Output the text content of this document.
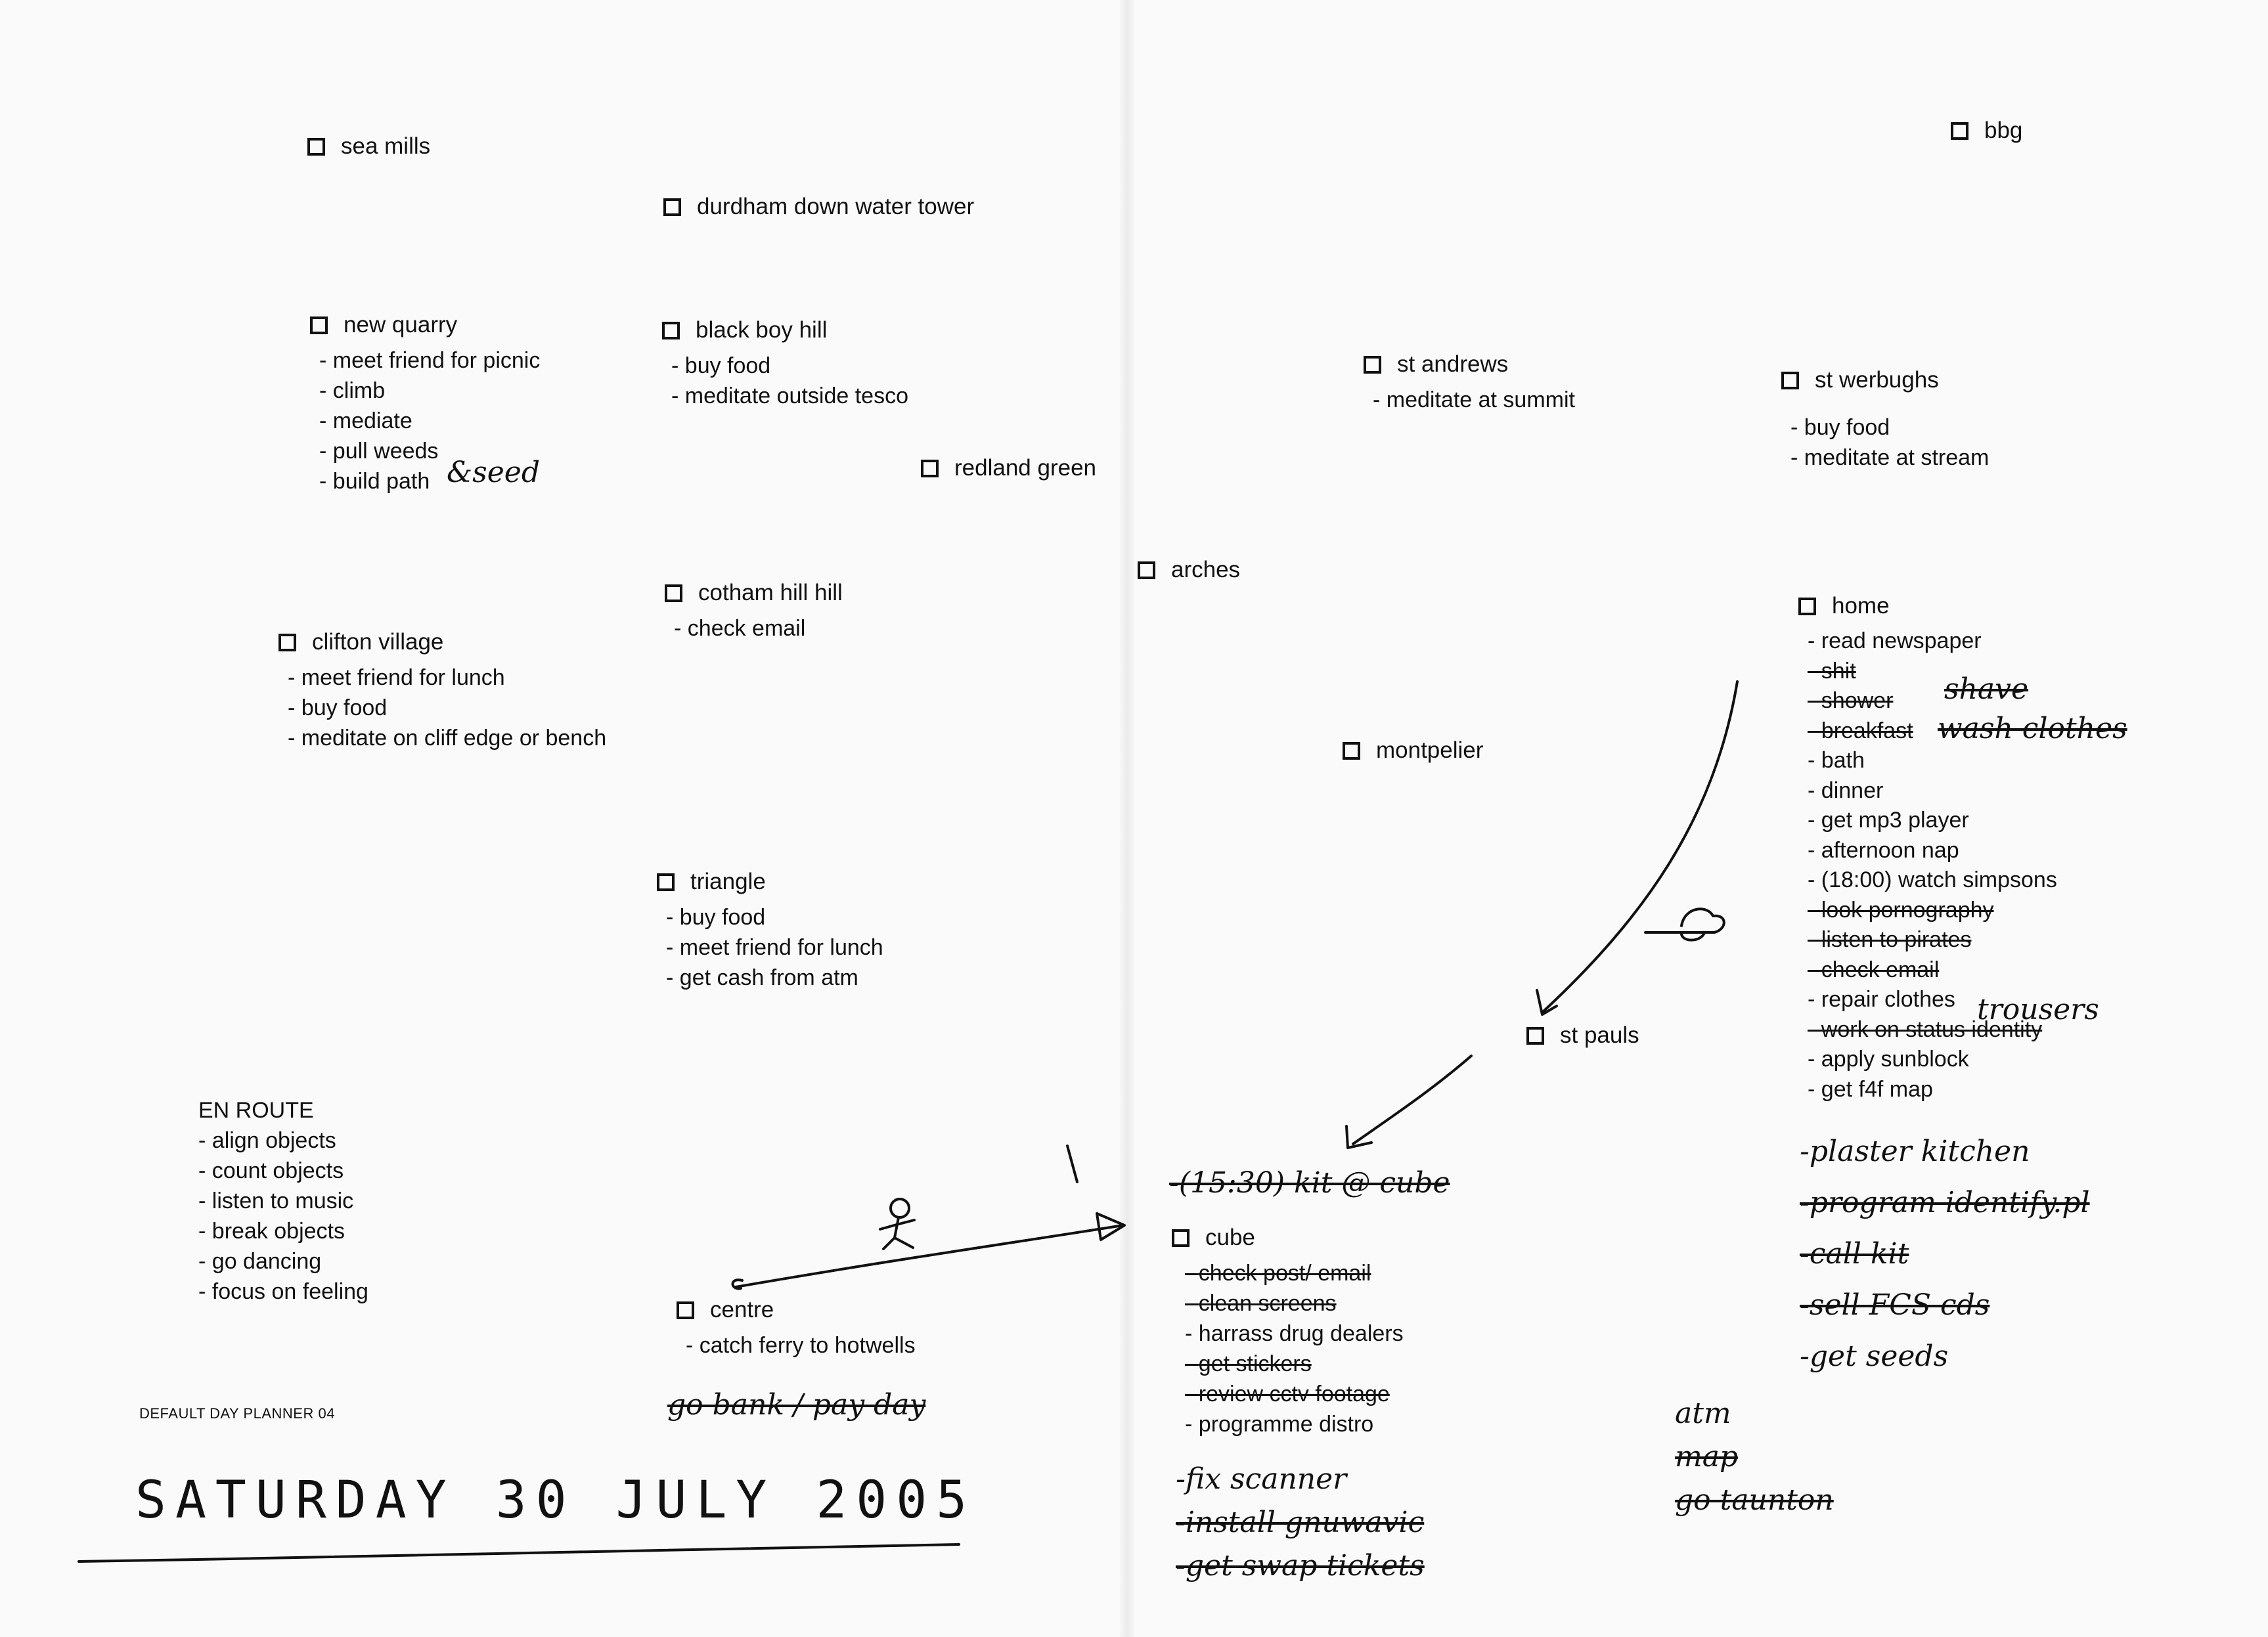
sea mills
durdham down water tower
new quarry
- meet friend for picnic
- climb
- mediate
- pull weeds
- build path &seed
black boy hill
- buy food
- meditate outside tesco
redland green
cotham hill hill
- check email
clifton village
- meet friend for lunch
- buy food
- meditate on cliff edge or bench
triangle
- buy food
- meet friend for lunch
- get cash from atm
EN ROUTE
- align objects
- count objects
- listen to music
- break objects
- go dancing
- focus on feeling
centre
- catch ferry to hotwells
go bank / pay day
DEFAULT DAY PLANNER 04
SATURDAY 30 JULY 2005
bbg
st andrews
- meditate at summit
st werbughs
- buy food
- meditate at stream
arches
montpelier
home
- read newspaper
- shit
- shower
- breakfast
- bath
- dinner
- get mp3 player
- afternoon nap
- (18:00) watch simpsons
- look pornography
- listen to pirates
- check email
- repair clothes
- work on status identity
- apply sunblock
- get f4f map
shave
wash clothes
trousers
-plaster kitchen
-program identify.pl
-call kit
-sell FCS cds
-get seeds
st pauls
-(15:30) kit @ cube
cube
- check post/ email
- clean screens
- harrass drug dealers
- get stickers
- review cctv footage
- programme distro
-fix scanner
-install gnuwavic
-get swap tickets
atm
map
go taunton
